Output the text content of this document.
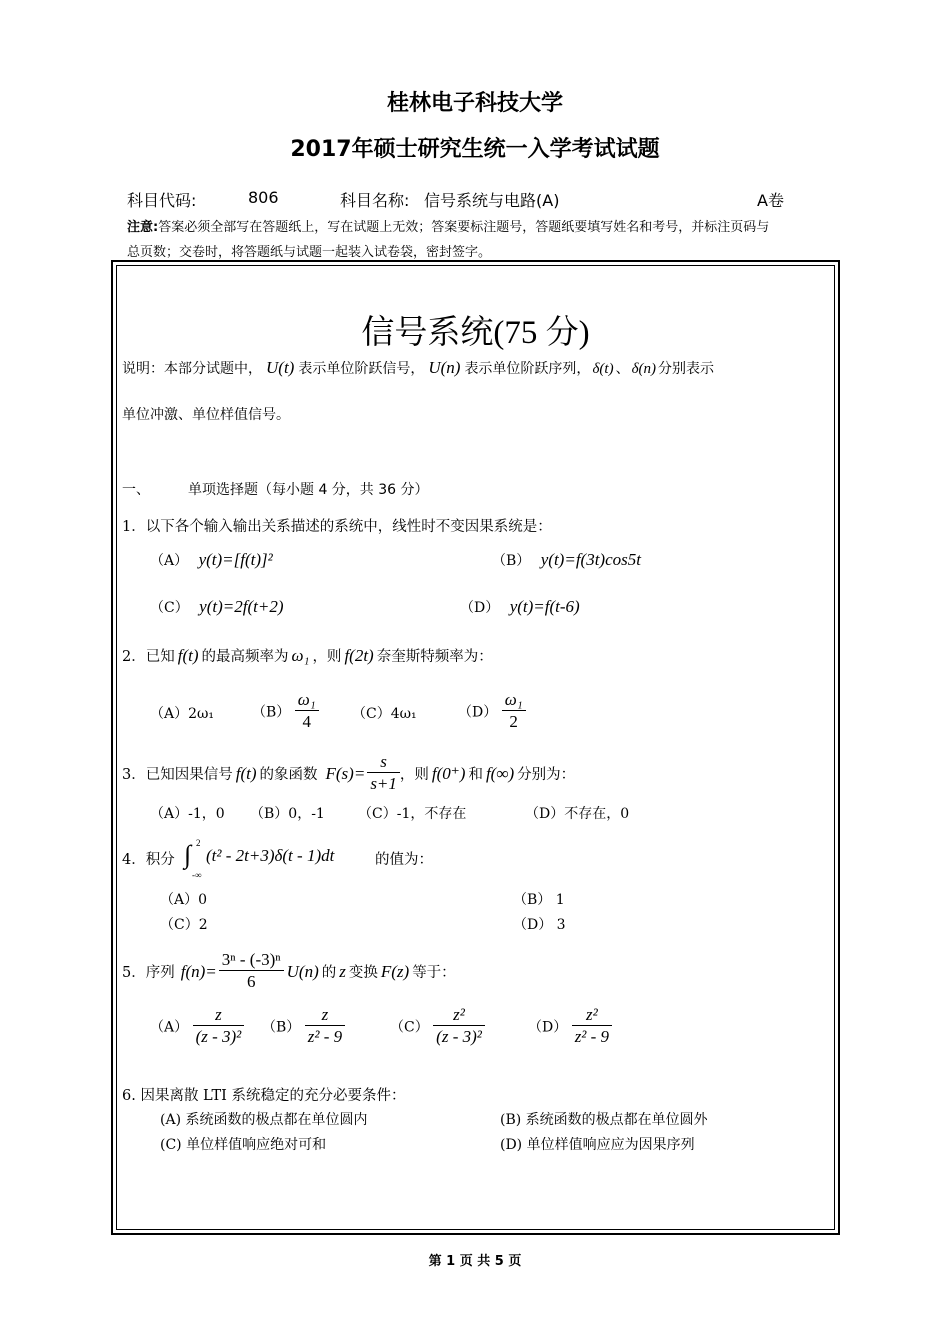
桂林电子科技大学
2017年硕士研究生统一入学考试试题
科目代码:	806	科目名称: 信号系统与电路(A)	A卷
注意:答案必须全部写在答题纸上，写在试题上无效；答案要标注题号，答题纸要填写姓名和考号，并标注页码与
总页数；交卷时，将答题纸与试题一起装入试卷袋，密封签字。
信号系统(75 分)
说明：本部分试题中， U(t) 表示单位阶跃信号， U(n) 表示单位阶跃序列， δ(t) 、 δ(n) 分别表示
单位冲激、单位样值信号。
一、	单项选择题（每小题 4 分，共 36 分）
1．以下各个输入输出关系描述的系统中，线性时不变因果系统是：
（A） y(t)=[f(t)]²	（B） y(t)=f(3t)cos5t
（C） y(t)=2f(t+2)	（D） y(t)=f(t-6)
2．已知 f(t) 的最高频率为 ω₁ ，则 f(2t) 奈奎斯特频率为：
（A）2ω₁	$(B) \frac{\text{ω₁}}{4} (C)4\omega_1$	$(D) \frac{\text{ω₁}}{2}$
3．已知因果信号 f(t) 的象函数 $F(s)= \frac{s}{s+1}$ ，则 f(0⁺) 和 f(∞) 分别为：
（A）-1，0 （B）0，-1 （C）-1，不存在	（D）不存在，0
4．积分 ∫ 2
-∞
(t² - 2t+3)δ(t - 1)dt	的值为：
（A）0	（B） 1
（C）2	（D） 3
5．序列 $f(n)= \frac{\text{3ⁿ - (-3)ⁿ}}{6} U(n)$ 的 z 变换 F(z) 等于：
$(A) \frac{z}{\text{(z - 3)²}} (B) \frac{z}{\text{z² - 9}}$	$(C) \frac{\text{z²}}{\text{(z - 3)²}}$	$(D) \frac{\text{z²}}{\text{z² - 9}}$
6. 因果离散 LTI 系统稳定的充分必要条件：
(A) 系统函数的极点都在单位圆内	(B) 系统函数的极点都在单位圆外
(C) 单位样值响应绝对可和	(D) 单位样值响应应为因果序列
第 1 页 共 5 页
